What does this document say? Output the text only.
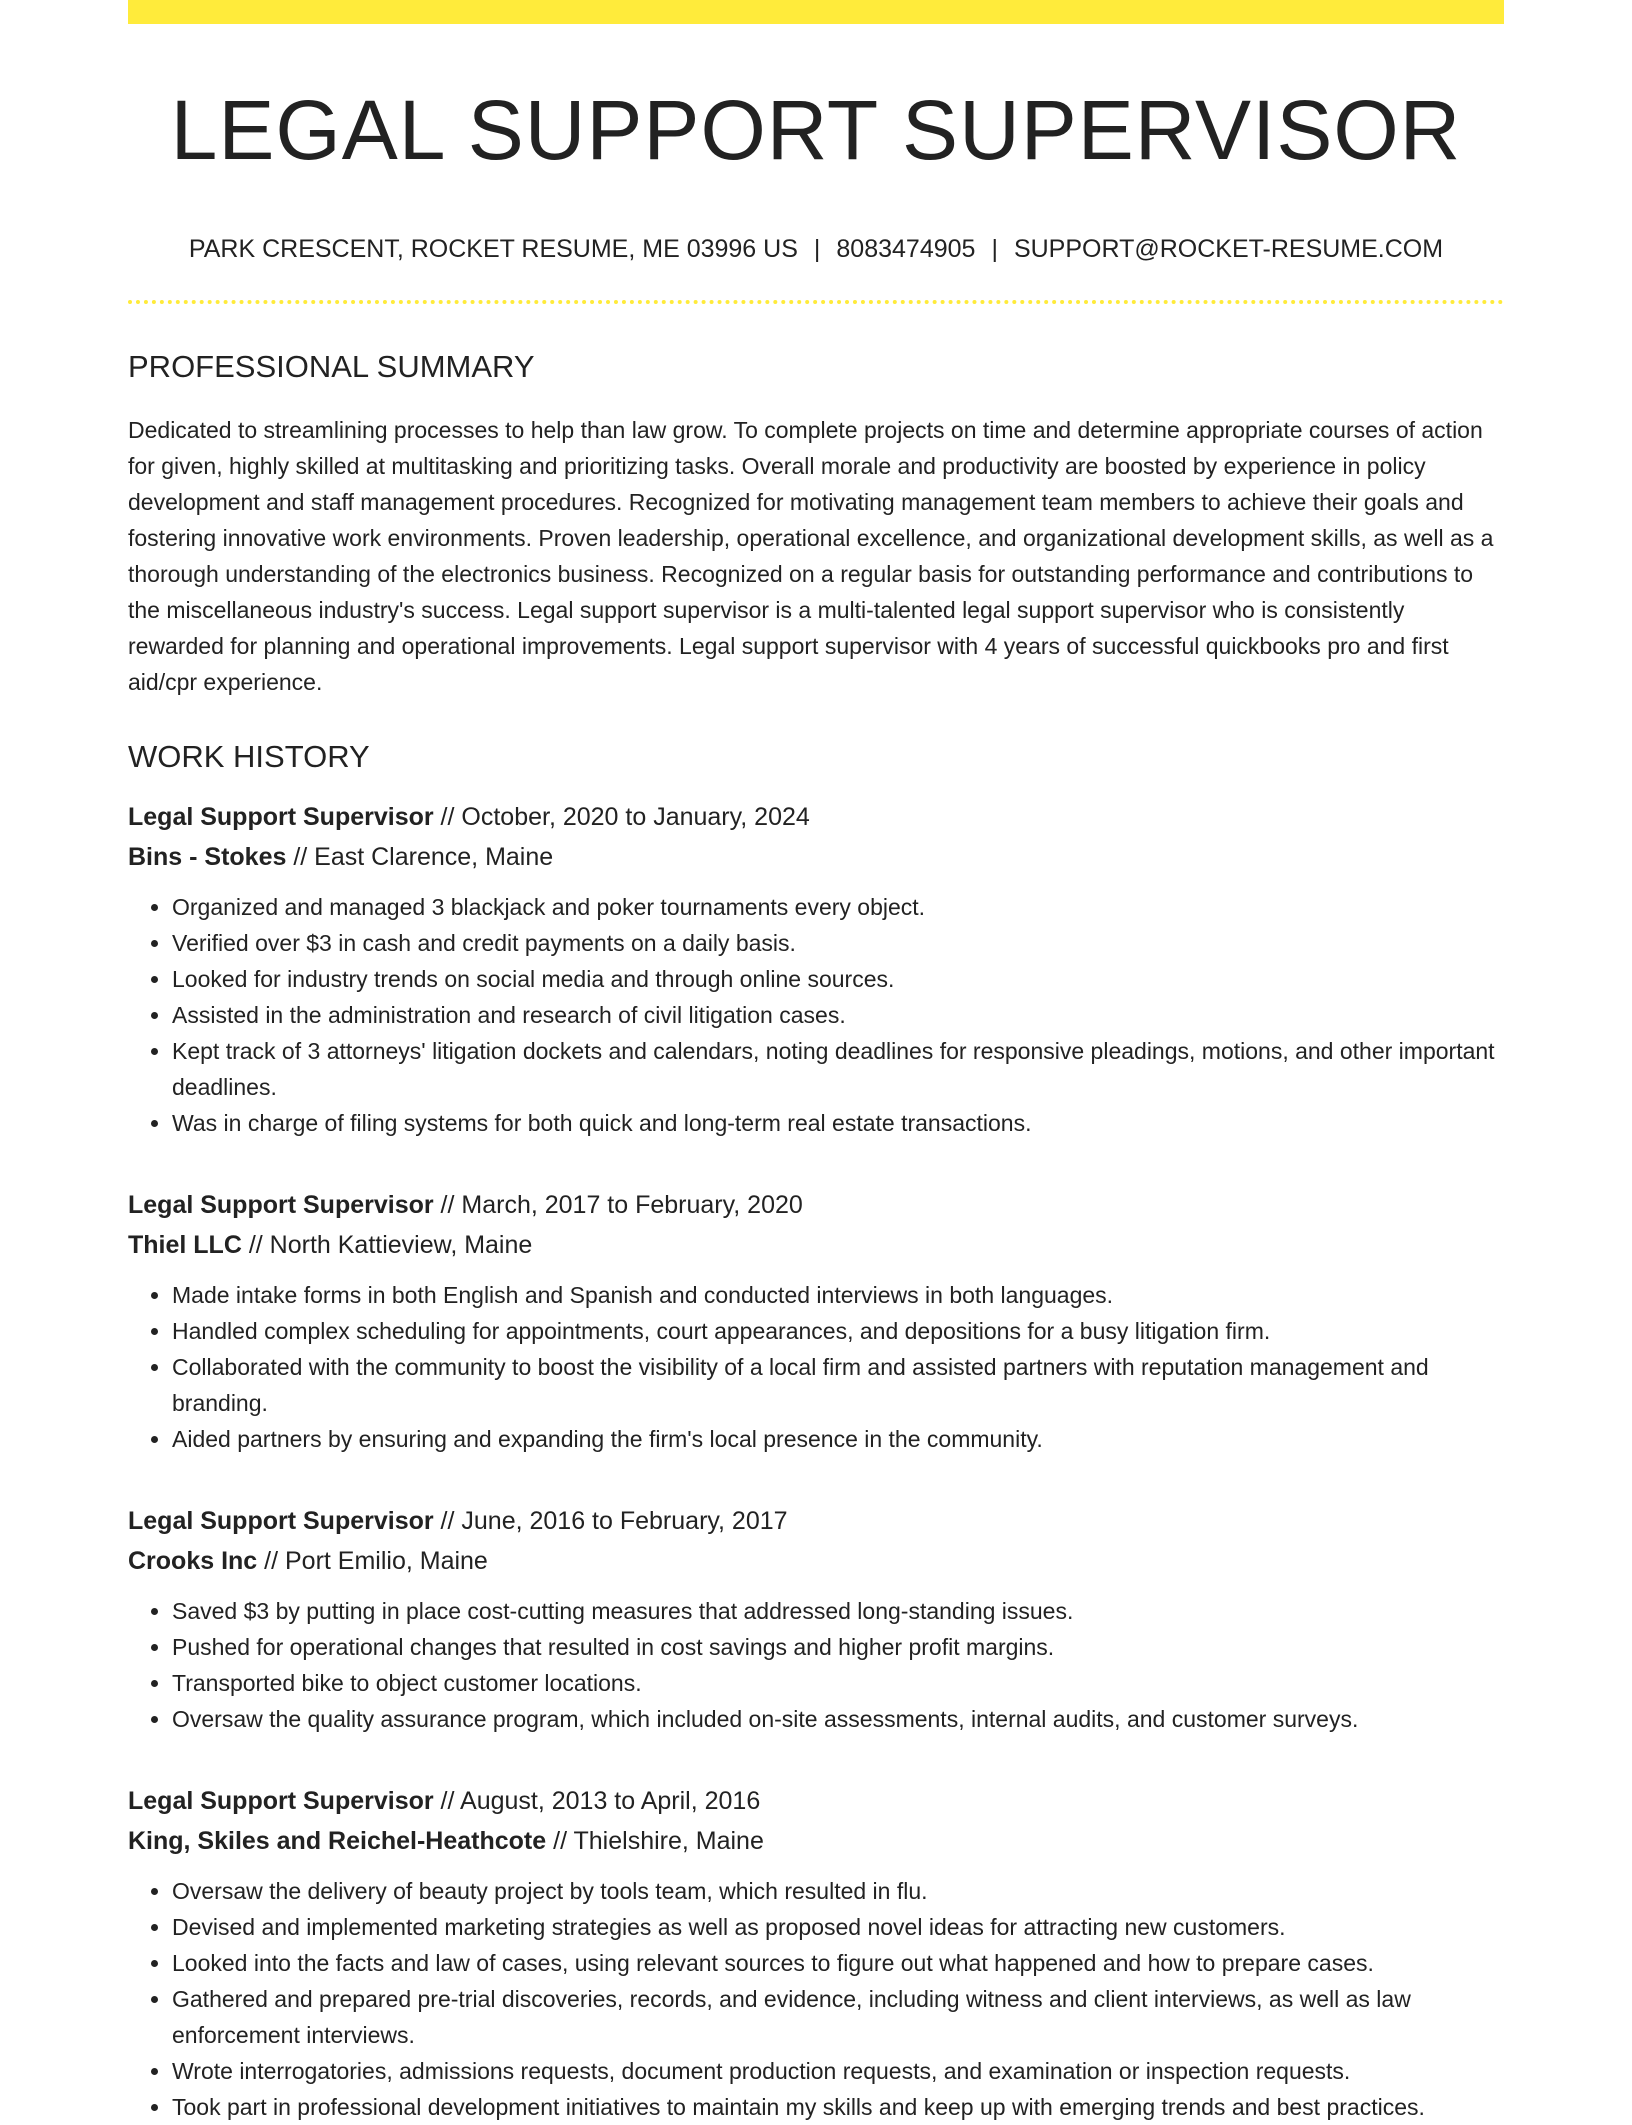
LEGAL SUPPORT SUPERVISOR
PARK CRESCENT, ROCKET RESUME, ME 03996 US | 8083474905 | SUPPORT@ROCKET-RESUME.COM
PROFESSIONAL SUMMARY

Dedicated to streamlining processes to help than law grow. To complete projects on time and determine appropriate courses of action for given, highly skilled at multitasking and prioritizing tasks. Overall morale and productivity are boosted by experience in policy development and staff management procedures. Recognized for motivating management team members to achieve their goals and fostering innovative work environments. Proven leadership, operational excellence, and organizational development skills, as well as a thorough understanding of the electronics business. Recognized on a regular basis for outstanding performance and contributions to the miscellaneous industry's success. Legal support supervisor is a multi-talented legal support supervisor who is consistently rewarded for planning and operational improvements. Legal support supervisor with 4 years of successful quickbooks pro and first aid/cpr experience.

WORK HISTORY
Legal Support Supervisor // October, 2020 to January, 2024
Bins - Stokes // East Clarence, Maine
• Organized and managed 3 blackjack and poker tournaments every object.
• Verified over $3 in cash and credit payments on a daily basis.
• Looked for industry trends on social media and through online sources.
• Assisted in the administration and research of civil litigation cases.
• Kept track of 3 attorneys' litigation dockets and calendars, noting deadlines for responsive pleadings, motions, and other important deadlines.
• Was in charge of filing systems for both quick and long-term real estate transactions.
Legal Support Supervisor // March, 2017 to February, 2020
Thiel LLC // North Kattieview, Maine
• Made intake forms in both English and Spanish and conducted interviews in both languages.
• Handled complex scheduling for appointments, court appearances, and depositions for a busy litigation firm.
• Collaborated with the community to boost the visibility of a local firm and assisted partners with reputation management and branding.
• Aided partners by ensuring and expanding the firm's local presence in the community.
Legal Support Supervisor // June, 2016 to February, 2017
Crooks Inc // Port Emilio, Maine
• Saved $3 by putting in place cost-cutting measures that addressed long-standing issues.
• Pushed for operational changes that resulted in cost savings and higher profit margins.
• Transported bike to object customer locations.
• Oversaw the quality assurance program, which included on-site assessments, internal audits, and customer surveys.
Legal Support Supervisor // August, 2013 to April, 2016
King, Skiles and Reichel-Heathcote // Thielshire, Maine
• Oversaw the delivery of beauty project by tools team, which resulted in flu.
• Devised and implemented marketing strategies as well as proposed novel ideas for attracting new customers.
• Looked into the facts and law of cases, using relevant sources to figure out what happened and how to prepare cases.
• Gathered and prepared pre-trial discoveries, records, and evidence, including witness and client interviews, as well as law enforcement interviews.
• Wrote interrogatories, admissions requests, document production requests, and examination or inspection requests.
• Took part in professional development initiatives to maintain my skills and keep up with emerging trends and best practices.
